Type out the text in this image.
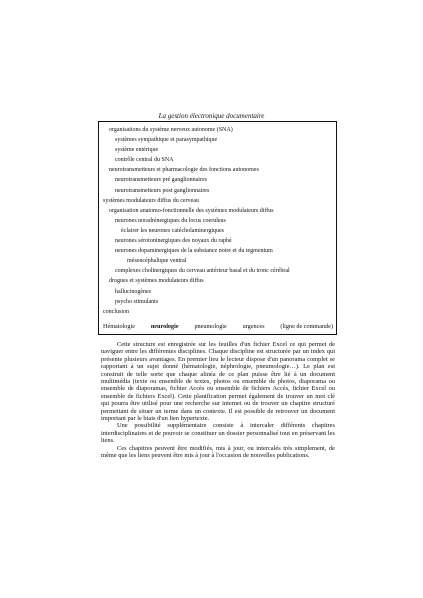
La gestion électronique documentaire
organisations du système nerveux autonome (SNA)
systèmes sympathique et parasympathique
système entérique
contrôle central du SNA
neurotransmetteurs et pharmacologie des fonctions autonomes
neurotransmetteurs pré ganglionnaires
neurotransmetteurs post ganglionnaires
systèmes modulateurs diffus du cerveau
organisation anatomo-fonctionnelle des systèmes modulateurs diffus
neurones noradrénergiques du locus coeruleus
éclairer les neurones catécholaminergiques
neurones sérotoninergiques des noyaux du raphé
neurones dopaminergiques de la substance noire et du tegmentum
mésencéphalique ventral
complexes cholinergiques du cerveau antérieur basal et du tronc cérébral
drogues et systèmes modulateurs diffus
hallucinogènes
psycho stimulants
conclusion
Hématologie	neurologie	pneumologie	urgences	(ligne de commande)

Cette structure est enregistrée sur les feuilles d'un fichier Excel ce qui permet de naviguer entre les différentes disciplines. Chaque discipline est structurée par un index qui présente plusieurs avantages. En premier lieu le lecteur dispose d'un panorama complet se rapportant à un sujet donné (hématologie, néphrologie, pneumologie…). Le plan est construit de telle sorte que chaque alinéa de ce plan puisse être lié à un document multimédia (texte ou ensemble de textes, photos ou ensemble de photos, diaporama ou ensemble de diaporamas, fichier Accès ou ensemble de fichiers Accès, fichier Excel ou ensemble de fichiers Excel). Cette planification permet également de trouver un mot clé qui pourra être utilisé pour une recherche sur internet ou de trouver un chapitre structuré permettant de situer un terme dans un contexte. Il est possible de retrouver un document important par le biais d'un lien hypertexte.

Une possibilité supplémentaire consiste à intercaler différents chapitres interdisciplinaires et de pouvoir se constituer un dossier personnalisé tout en préservant les liens.

Ces chapitres peuvent être modifiés, mis à jour, ou intercalés très simplement, de même que les liens peuvent être mis à jour à l'occasion de nouvelles publications.
